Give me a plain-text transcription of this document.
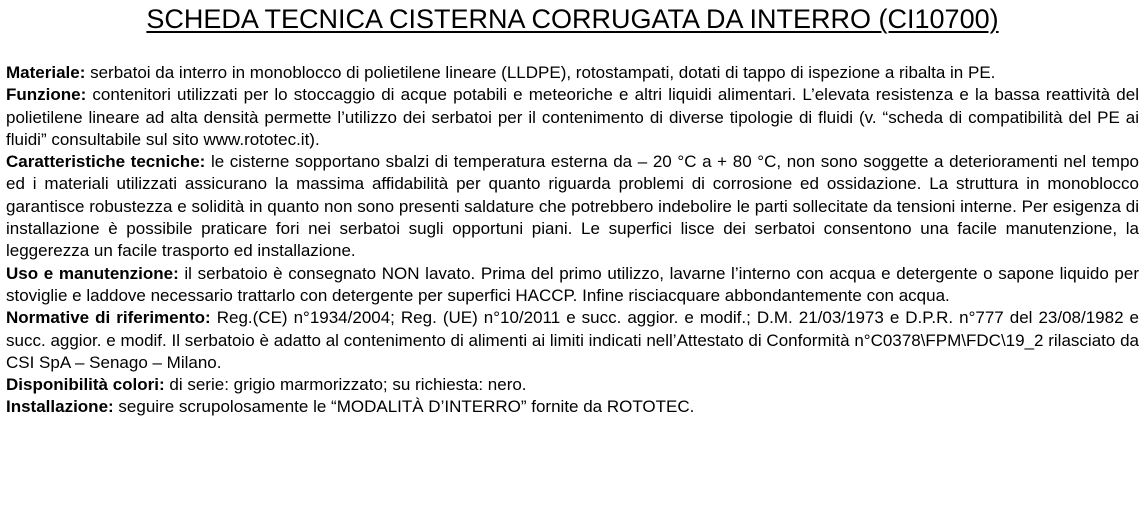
SCHEDA TECNICA CISTERNA CORRUGATA DA INTERRO (CI10700)

Materiale: serbatoi da interro in monoblocco di polietilene lineare (LLDPE), rotostampati, dotati di tappo di ispezione a ribalta in PE.

Funzione: contenitori utilizzati per lo stoccaggio di acque potabili e meteoriche e altri liquidi alimentari. L’elevata resistenza e la bassa reattività del polietilene lineare ad alta densità permette l’utilizzo dei serbatoi per il contenimento di diverse tipologie di fluidi (v. “scheda di compatibilità del PE ai fluidi” consultabile sul sito www.rototec.it).

Caratteristiche tecniche: le cisterne sopportano sbalzi di temperatura esterna da – 20 °C a + 80 °C, non sono soggette a deterioramenti nel tempo ed i materiali utilizzati assicurano la massima affidabilità per quanto riguarda problemi di corrosione ed ossidazione. La struttura in monoblocco garantisce robustezza e solidità in quanto non sono presenti saldature che potrebbero indebolire le parti sollecitate da tensioni interne. Per esigenza di installazione è possibile praticare fori nei serbatoi sugli opportuni piani. Le superfici lisce dei serbatoi consentono una facile manutenzione, la leggerezza un facile trasporto ed installazione.

Uso e manutenzione: il serbatoio è consegnato NON lavato. Prima del primo utilizzo, lavarne l’interno con acqua e detergente o sapone liquido per stoviglie e laddove necessario trattarlo con detergente per superfici HACCP. Infine risciacquare abbondantemente con acqua.

Normative di riferimento: Reg.(CE) n°1934/2004; Reg. (UE) n°10/2011 e succ. aggior. e modif.; D.M. 21/03/1973 e D.P.R. n°777 del 23/08/1982 e succ. aggior. e modif. Il serbatoio è adatto al contenimento di alimenti ai limiti indicati nell’Attestato di Conformità n°C0378\FPM\FDC\19_2 rilasciato da CSI SpA – Senago – Milano.

Disponibilità colori: di serie: grigio marmorizzato; su richiesta: nero.

Installazione: seguire scrupolosamente le “MODALITÀ D’INTERRO” fornite da ROTOTEC.
